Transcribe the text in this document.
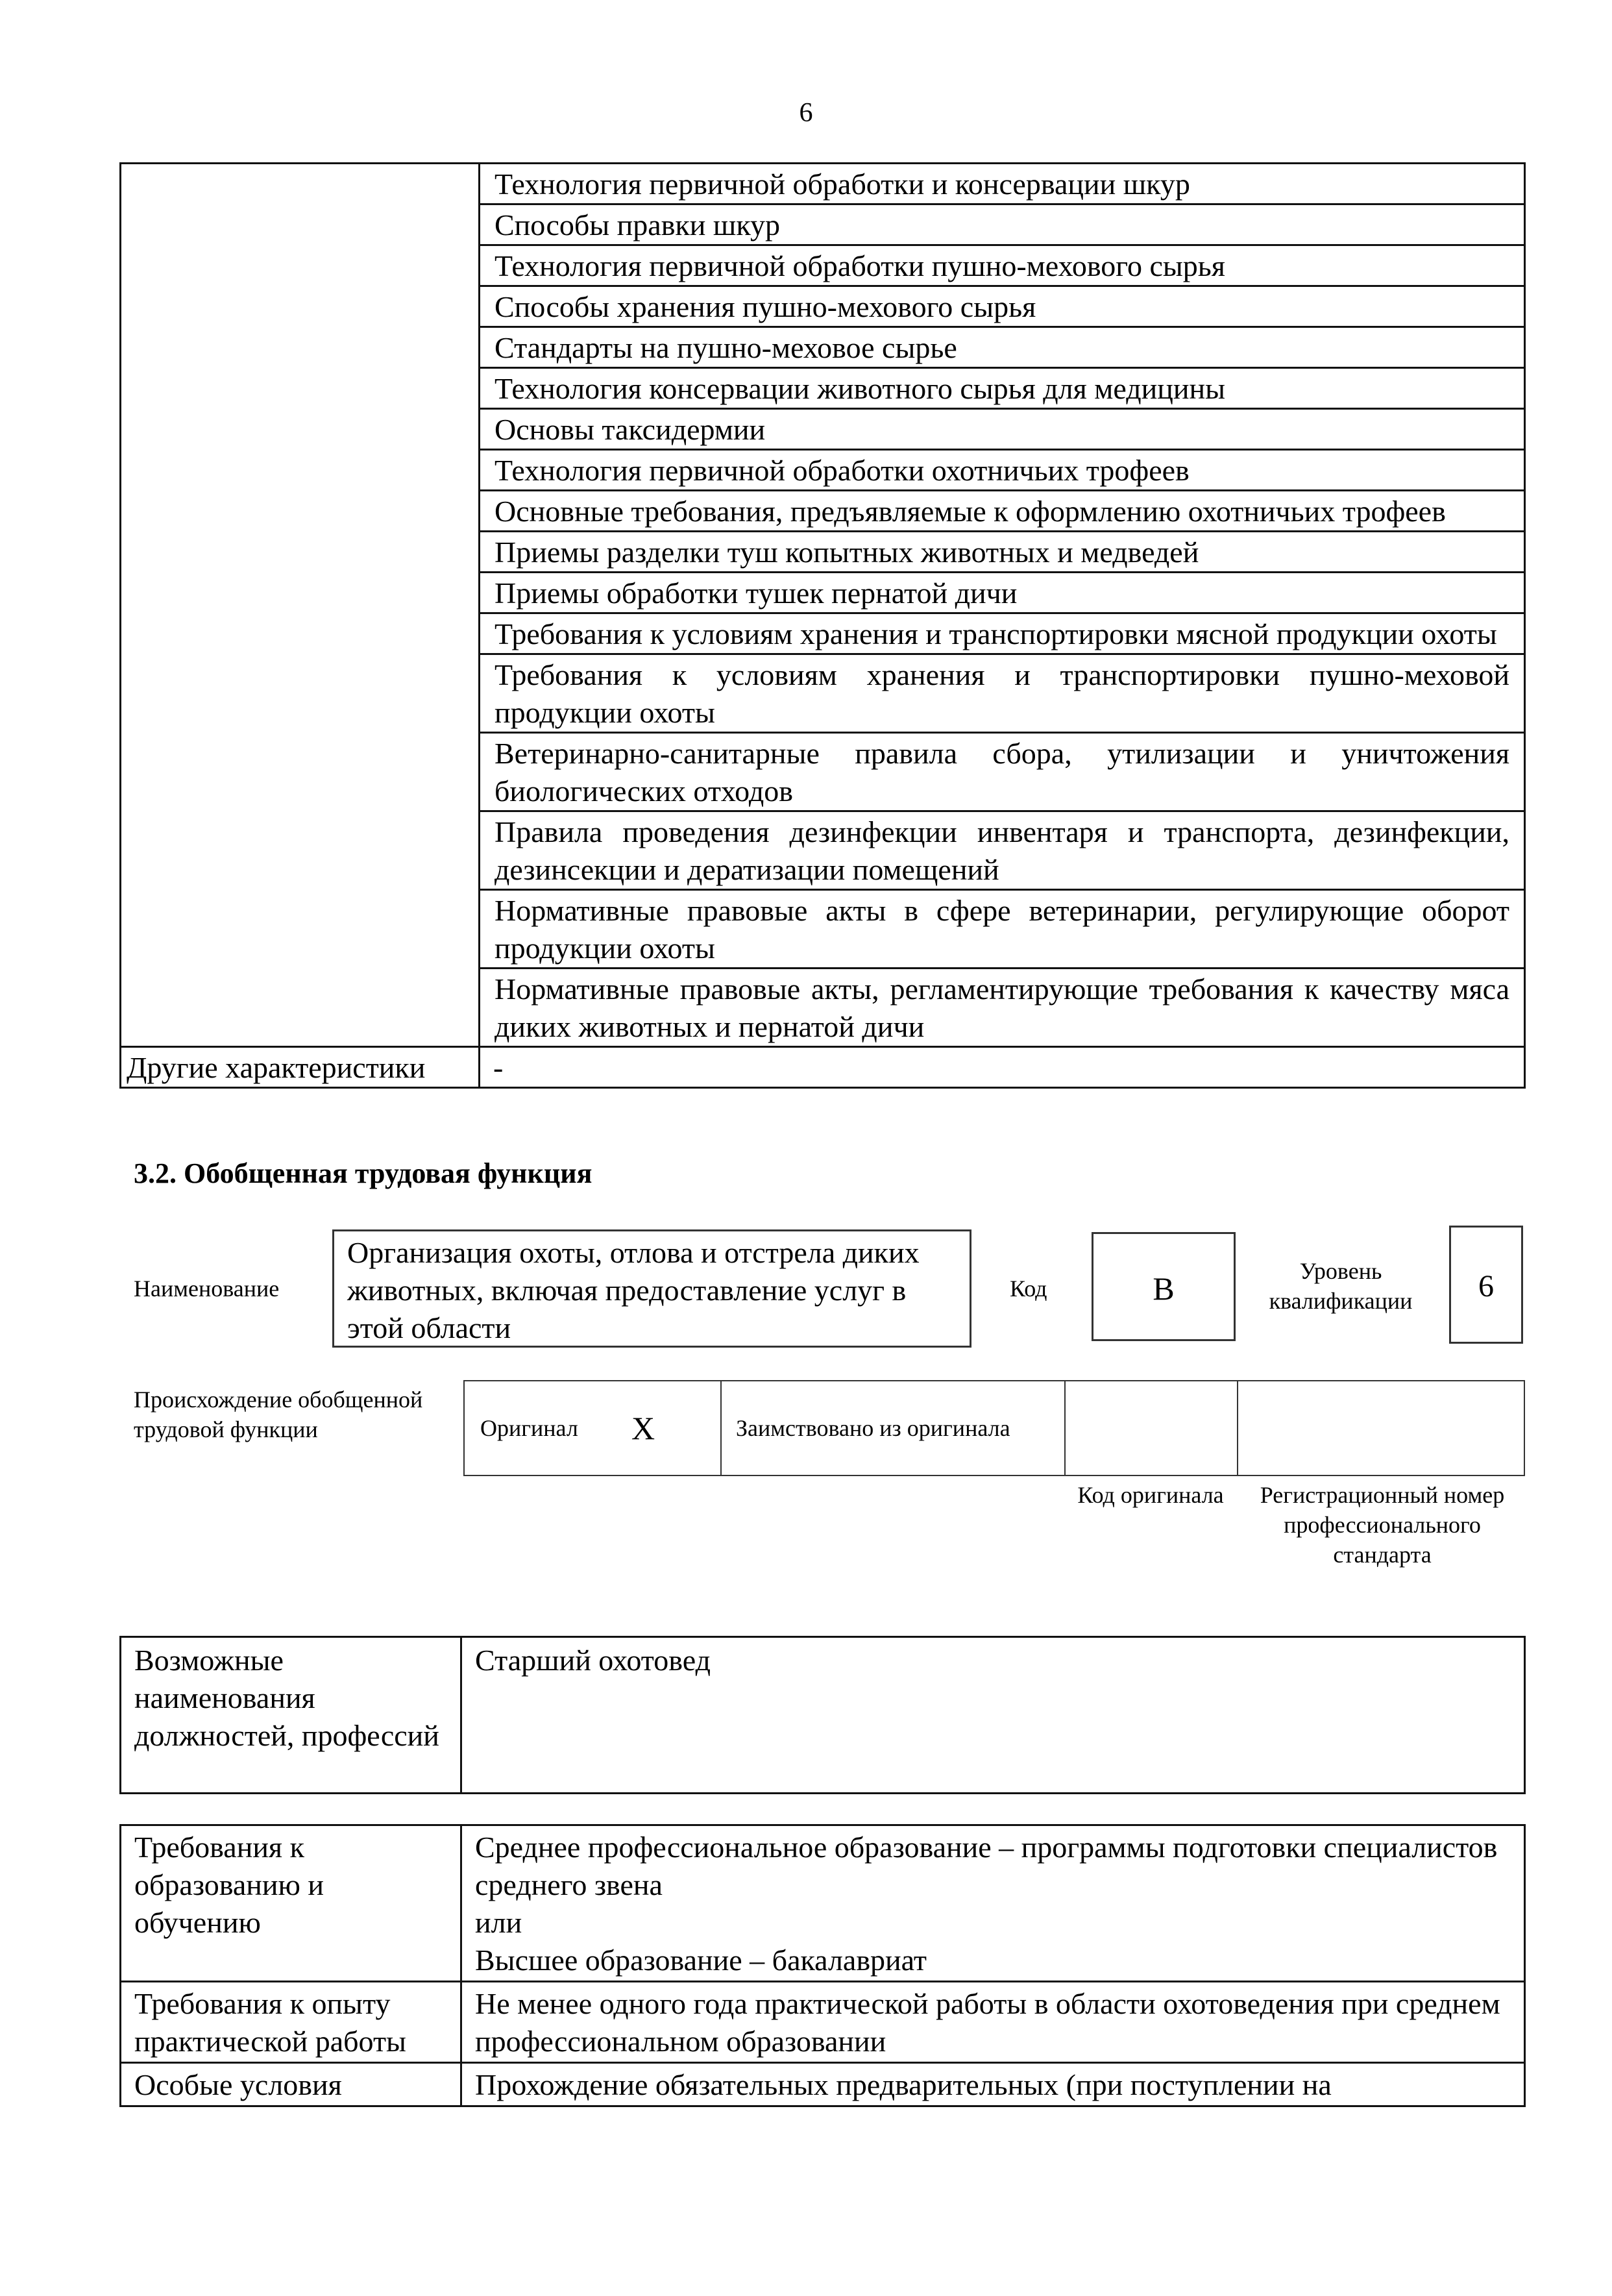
6
	Технология первичной обработки и консервации шкур
	Способы правки шкур
	Технология первичной обработки пушно-мехового сырья
	Способы хранения пушно-мехового сырья
	Стандарты на пушно-меховое сырье
	Технология консервации животного сырья для медицины
	Основы таксидермии
	Технология первичной обработки охотничьих трофеев
	Основные требования, предъявляемые к оформлению охотничьих трофеев
	Приемы разделки туш копытных животных и медведей
	Приемы обработки тушек пернатой дичи
	Требования к условиям хранения и транспортировки мясной продукции охоты
	Требования к условиям хранения и транспортировки пушно-меховой продукции охоты
	Ветеринарно-санитарные правила сбора, утилизации и уничтожения биологических отходов
	Правила проведения дезинфекции инвентаря и транспорта, дезинфекции, дезинсекции и дератизации помещений
	Нормативные правовые акты в сфере ветеринарии, регулирующие оборот продукции охоты
	Нормативные правовые акты, регламентирующие требования к качеству мяса диких животных и пернатой дичи
Другие характеристики	-
3.2. Обобщенная трудовая функция
Наименование
Организация охоты, отлова и отстрела диких животных, включая предоставление услуг в этой области
Код	В	Уровень квалификации	6
Происхождение обобщенной трудовой функции	Оригинал	X	Заимствовано из оригинала		
Код оригинала	Регистрационный номер профессионального стандарта
Возможные наименования должностей, профессий	Старший охотовед
Требования к образованию и обучению	Среднее профессиональное образование – программы подготовки специалистов среднего звена
или
Высшее образование – бакалавриат
Требования к опыту практической работы	Не менее одного года практической работы в области охотоведения при среднем профессиональном образовании
Особые условия	Прохождение обязательных предварительных (при поступлении на
